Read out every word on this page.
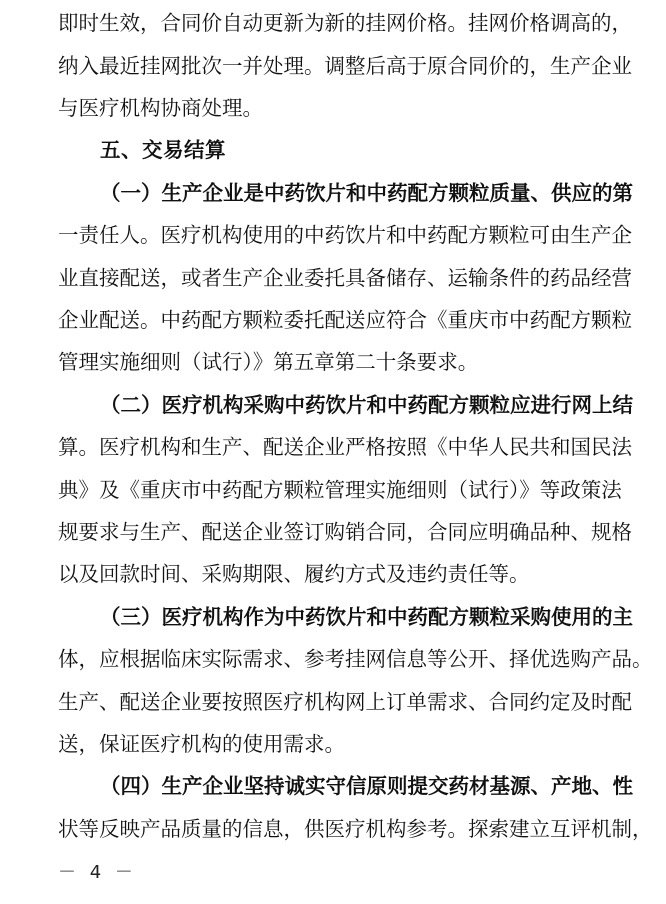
即时生效，合同价自动更新为新的挂网价格。挂网价格调高的，
纳入最近挂网批次一并处理。调整后高于原合同价的，生产企业
与医疗机构协商处理。
五、交易结算
（一）生产企业是中药饮片和中药配方颗粒质量、供应的第
一责任人。医疗机构使用的中药饮片和中药配方颗粒可由生产企
业直接配送，或者生产企业委托具备储存、运输条件的药品经营
企业配送。中药配方颗粒委托配送应符合《重庆市中药配方颗粒
管理实施细则（试行）》第五章第二十条要求。
（二）医疗机构采购中药饮片和中药配方颗粒应进行网上结
算。医疗机构和生产、配送企业严格按照《中华人民共和国民法
典》及《重庆市中药配方颗粒管理实施细则（试行）》等政策法
规要求与生产、配送企业签订购销合同，合同应明确品种、规格
以及回款时间、采购期限、履约方式及违约责任等。
（三）医疗机构作为中药饮片和中药配方颗粒采购使用的主
体，应根据临床实际需求、参考挂网信息等公开、择优选购产品。
生产、配送企业要按照医疗机构网上订单需求、合同约定及时配
送，保证医疗机构的使用需求。
（四）生产企业坚持诚实守信原则提交药材基源、产地、性
状等反映产品质量的信息，供医疗机构参考。探索建立互评机制，
－ 4 －
